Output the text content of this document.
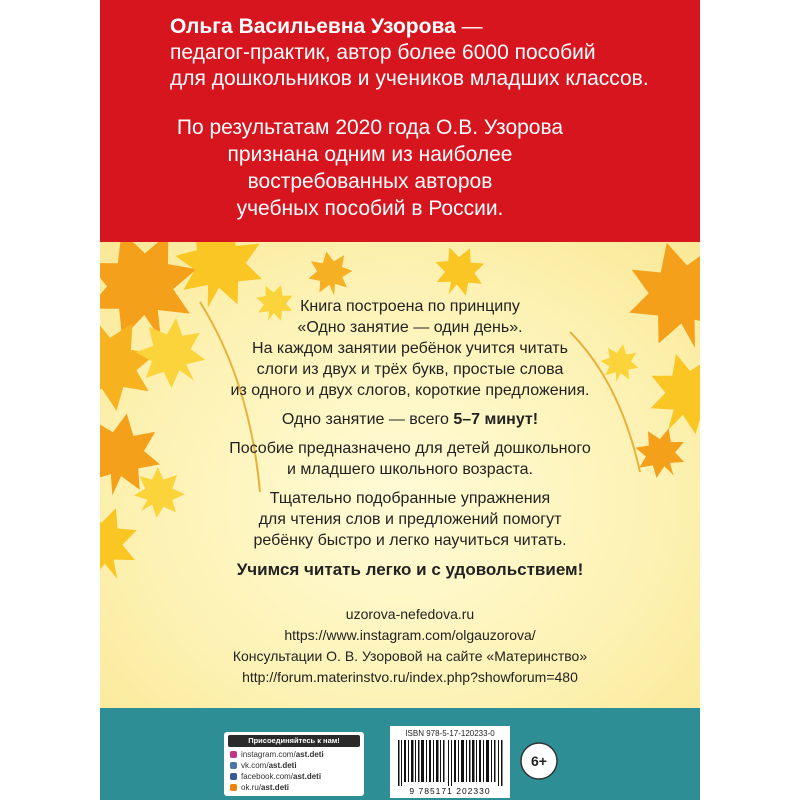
Ольга Васильевна Узорова —
педагог-практик, автор более 6000 пособий
для дошкольников и учеников младших классов.
По результатам 2020 года О.В. Узорова
признана одним из наиболее
востребованных авторов
учебных пособий в России.

Книга построена по принципу
«Одно занятие — один день».
На каждом занятии ребёнок учится читать
слоги из двух и трёх букв, простые слова
из одного и двух слогов, короткие предложения.

Одно занятие — всего 5–7 минут!

Пособие предназначено для детей дошкольного
и младшего школьного возраста.

Тщательно подобранные упражнения
для чтения слов и предложений помогут
ребёнку быстро и легко научиться читать.

Учимся читать легко и с удовольствием!

uzorova-nefedova.ru
https://www.instagram.com/olgauzorova/
Консультации О. В. Узоровой на сайте «Материнство»
http://forum.materinstvo.ru/index.php?showforum=480
Присоединяйтесь к нам!
instagram.com/ ast.deti
vk.com/ ast.deti
facebook.com/ ast.deti
ok.ru/ ast.deti
ISBN 978-5-17-120233-0
9 785171 202330
6+
